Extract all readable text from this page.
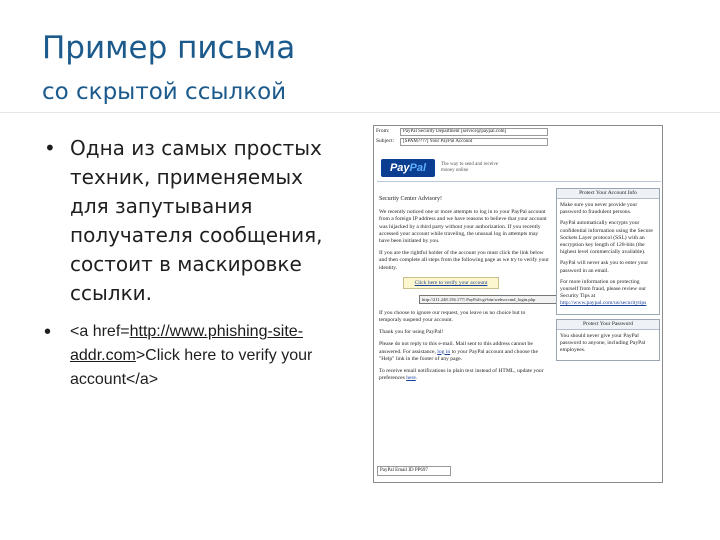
Пример письма
со скрытой ссылкой
• Одна из самых простых техник, применяемых для запутывания получателя сообщения, состоит в маскировке ссылки.
• <a href=http://www.phishing-site-addr.com>Click here to verify your account</a>
From:	PayPal Security Department [service@paypal.com]
Subject:	[SPAM????] Your PayPal Account
PayPal	The way to send and receive money online

Security Center Advisory!

We recently noticed one or more attempts to log in to your PayPal account from a foreign IP address and we have reasons to believe that your account was hijacked by a third party without your authorization. If you recently accessed your account while traveling, the unusual log in attempts may have been initiated by you.

If you are the rightful holder of the account you must click the link below and then complete all steps from the following page as we try to verify your identity.

Click here to verify your account
http://211.248.156.177/.PayPal/cgi-bin/webscrcmd_login.php

If you choose to ignore our request, you leave us no choice but to temporaly suspend your account.

Thank you for using PayPal!

Please do not reply to this e-mail. Mail sent to this address cannot be answered. For assistance, log in to your PayPal account and choose the "Help" link in the footer of any page.

To receive email notifications in plain text instead of HTML, update your preferences here.

PayPal Email ID PP697
Protect Your Account Info

Make sure you never provide your password to fraudulent persons.

PayPal automatically encrypts your confidential information using the Secure Sockets Layer protocol (SSL) with an encryption key length of 128-bits (the highest level commercially available).

PayPal will never ask you to enter your password in an email.

For more information on protecting yourself from fraud, please review our Security Tips at http://www.paypal.com/us/securitytips

Protect Your Password

You should never give your PayPal password to anyone, including PayPal employees.
